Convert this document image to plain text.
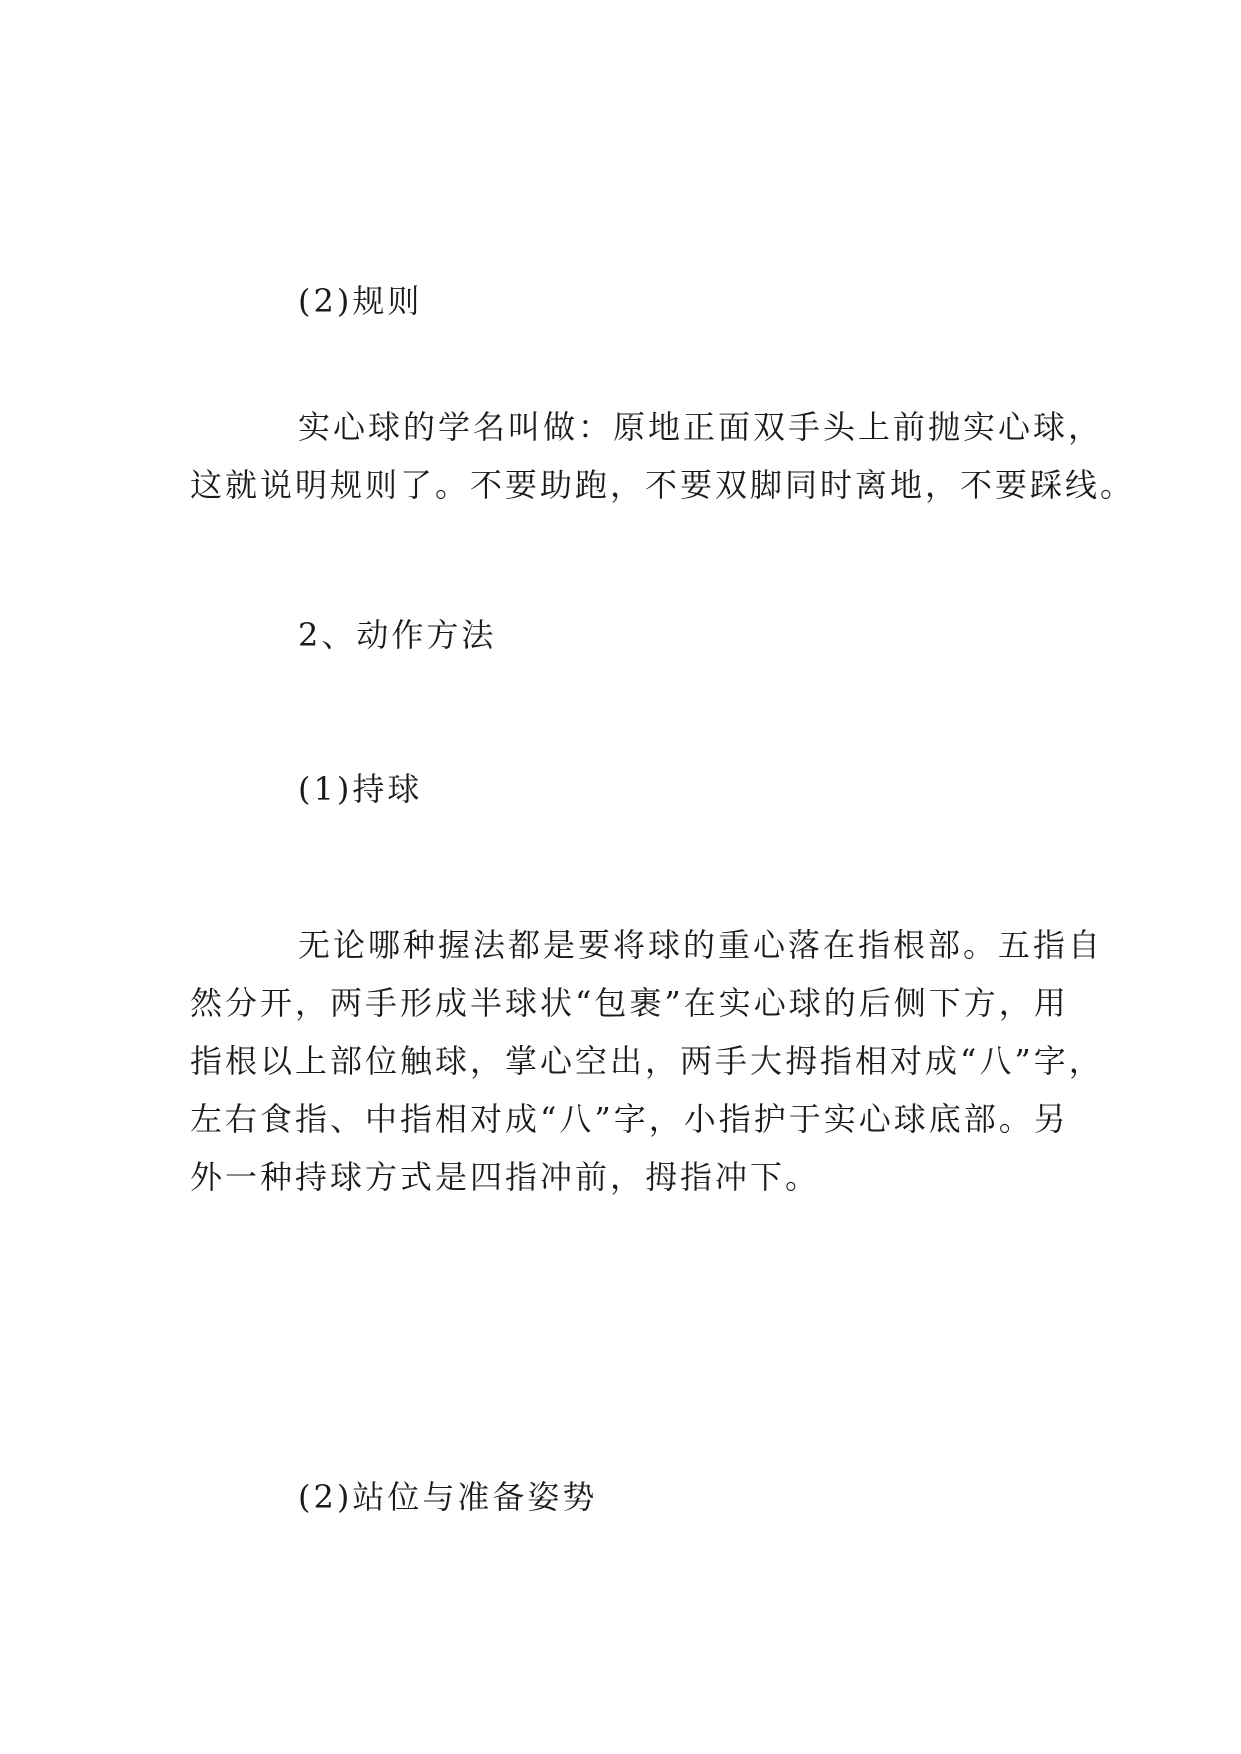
(2)规则

实心球的学名叫做：原地正面双手头上前抛实心球，
这就说明规则了。不要助跑，不要双脚同时离地，不要踩线。

2、动作方法

(1)持球

无论哪种握法都是要将球的重心落在指根部。五指自
然分开，两手形成半球状“包裹”在实心球的后侧下方，用
指根以上部位触球，掌心空出，两手大拇指相对成“八”字，
左右食指、中指相对成“八”字，小指护于实心球底部。另
外一种持球方式是四指冲前，拇指冲下。

(2)站位与准备姿势
